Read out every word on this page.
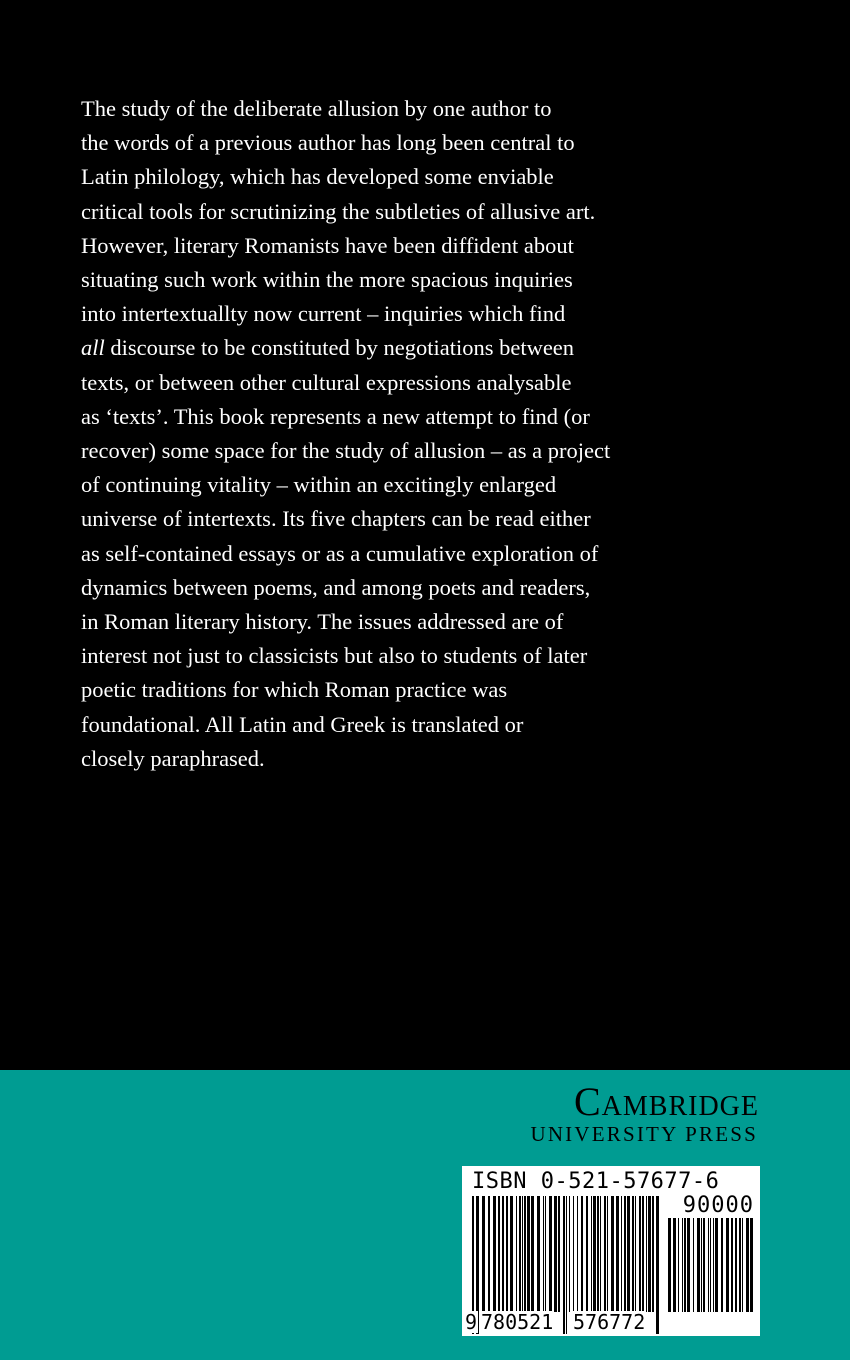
The study of the deliberate allusion by one author to
the words of a previous author has long been central to
Latin philology, which has developed some enviable
critical tools for scrutinizing the subtleties of allusive art.
However, literary Romanists have been diffident about
situating such work within the more spacious inquiries
into intertextuallty now current – inquiries which find
all discourse to be constituted by negotiations between
texts, or between other cultural expressions analysable
as ‘texts’. This book represents a new attempt to find (or
recover) some space for the study of allusion – as a project
of continuing vitality – within an excitingly enlarged
universe of intertexts. Its five chapters can be read either
as self-contained essays or as a cumulative exploration of
dynamics between poems, and among poets and readers,
in Roman literary history. The issues addressed are of
interest not just to classicists but also to students of later
poetic traditions for which Roman practice was
foundational. All Latin and Greek is translated or
closely paraphrased.
Cambridge
UNIVERSITY PRESS
ISBN 0-521-57677-6
90000
9 780521 576772
